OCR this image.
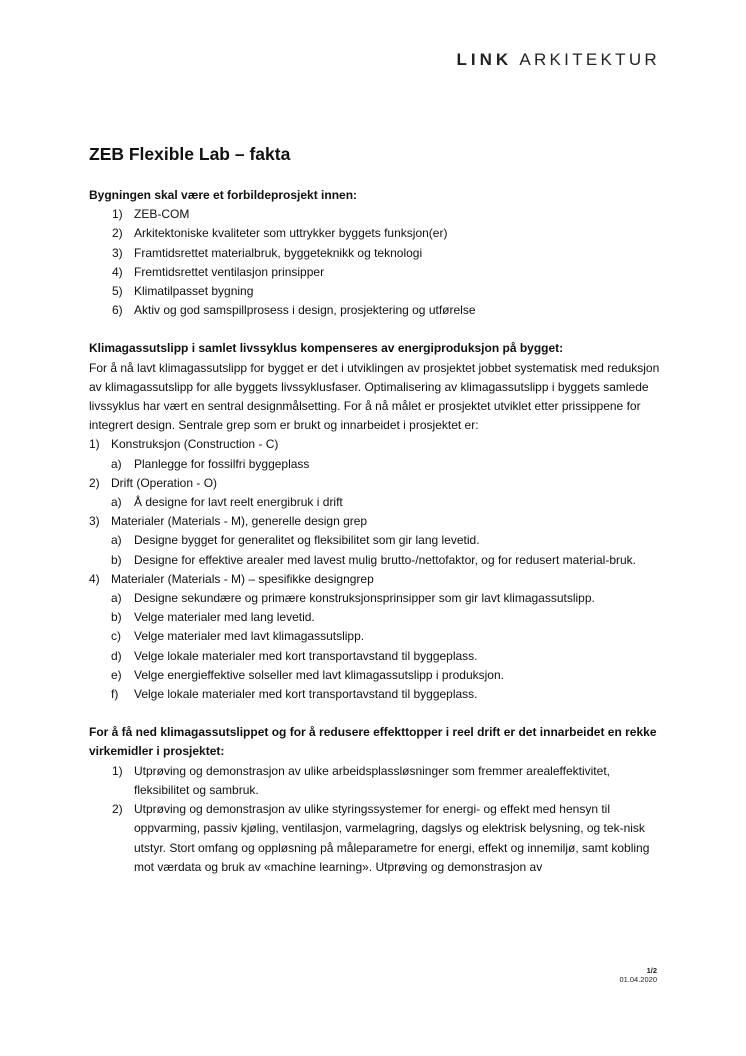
LINK ARKITEKTUR
ZEB Flexible Lab – fakta

Bygningen skal være et forbildeprosjekt innen:

1) ZEB-COM
2) Arkitektoniske kvaliteter som uttrykker byggets funksjon(er)
3) Framtidsrettet materialbruk, byggeteknikk og teknologi
4) Fremtidsrettet ventilasjon prinsipper
5) Klimatilpasset bygning
6) Aktiv og god samspillprosess i design, prosjektering og utførelse

Klimagassutslipp i samlet livssyklus kompenseres av energiproduksjon på bygget:

For å nå lavt klimagassutslipp for bygget er det i utviklingen av prosjektet jobbet systematisk med reduksjon av klimagassutslipp for alle byggets livssyklusfaser. Optimalisering av klimagassutslipp i byggets samlede livssyklus har vært en sentral designmålsetting. For å nå målet er prosjektet utviklet etter prissippene for integrert design. Sentrale grep som er brukt og innarbeidet i prosjektet er:

1) Konstruksjon (Construction - C)
a) Planlegge for fossilfri byggeplass
2) Drift (Operation - O)
a) Å designe for lavt reelt energibruk i drift
3) Materialer (Materials - M), generelle design grep
a) Designe bygget for generalitet og fleksibilitet som gir lang levetid.
b) Designe for effektive arealer med lavest mulig brutto-/nettofaktor, og for redusert material-bruk.
4) Materialer (Materials - M) – spesifikke designgrep
a) Designe sekundære og primære konstruksjonsprinsipper som gir lavt klimagassutslipp.
b) Velge materialer med lang levetid.
c) Velge materialer med lavt klimagassutslipp.
d) Velge lokale materialer med kort transportavstand til byggeplass.
e) Velge energieffektive solseller med lavt klimagassutslipp i produksjon.
f) Velge lokale materialer med kort transportavstand til byggeplass.

For å få ned klimagassutslippet og for å redusere effekttopper i reel drift er det innarbeidet en rekke virkemidler i prosjektet:

1) Utprøving og demonstrasjon av ulike arbeidsplassløsninger som fremmer arealeffektivitet, fleksibilitet og sambruk.
2) Utprøving og demonstrasjon av ulike styringssystemer for energi- og effekt med hensyn til oppvarming, passiv kjøling, ventilasjon, varmelagring, dagslys og elektrisk belysning, og tek-nisk utstyr. Stort omfang og oppløsning på måleparametre for energi, effekt og innemiljø, samt kobling mot værdata og bruk av «machine learning». Utprøving og demonstrasjon av
1/2
01.04.2020
